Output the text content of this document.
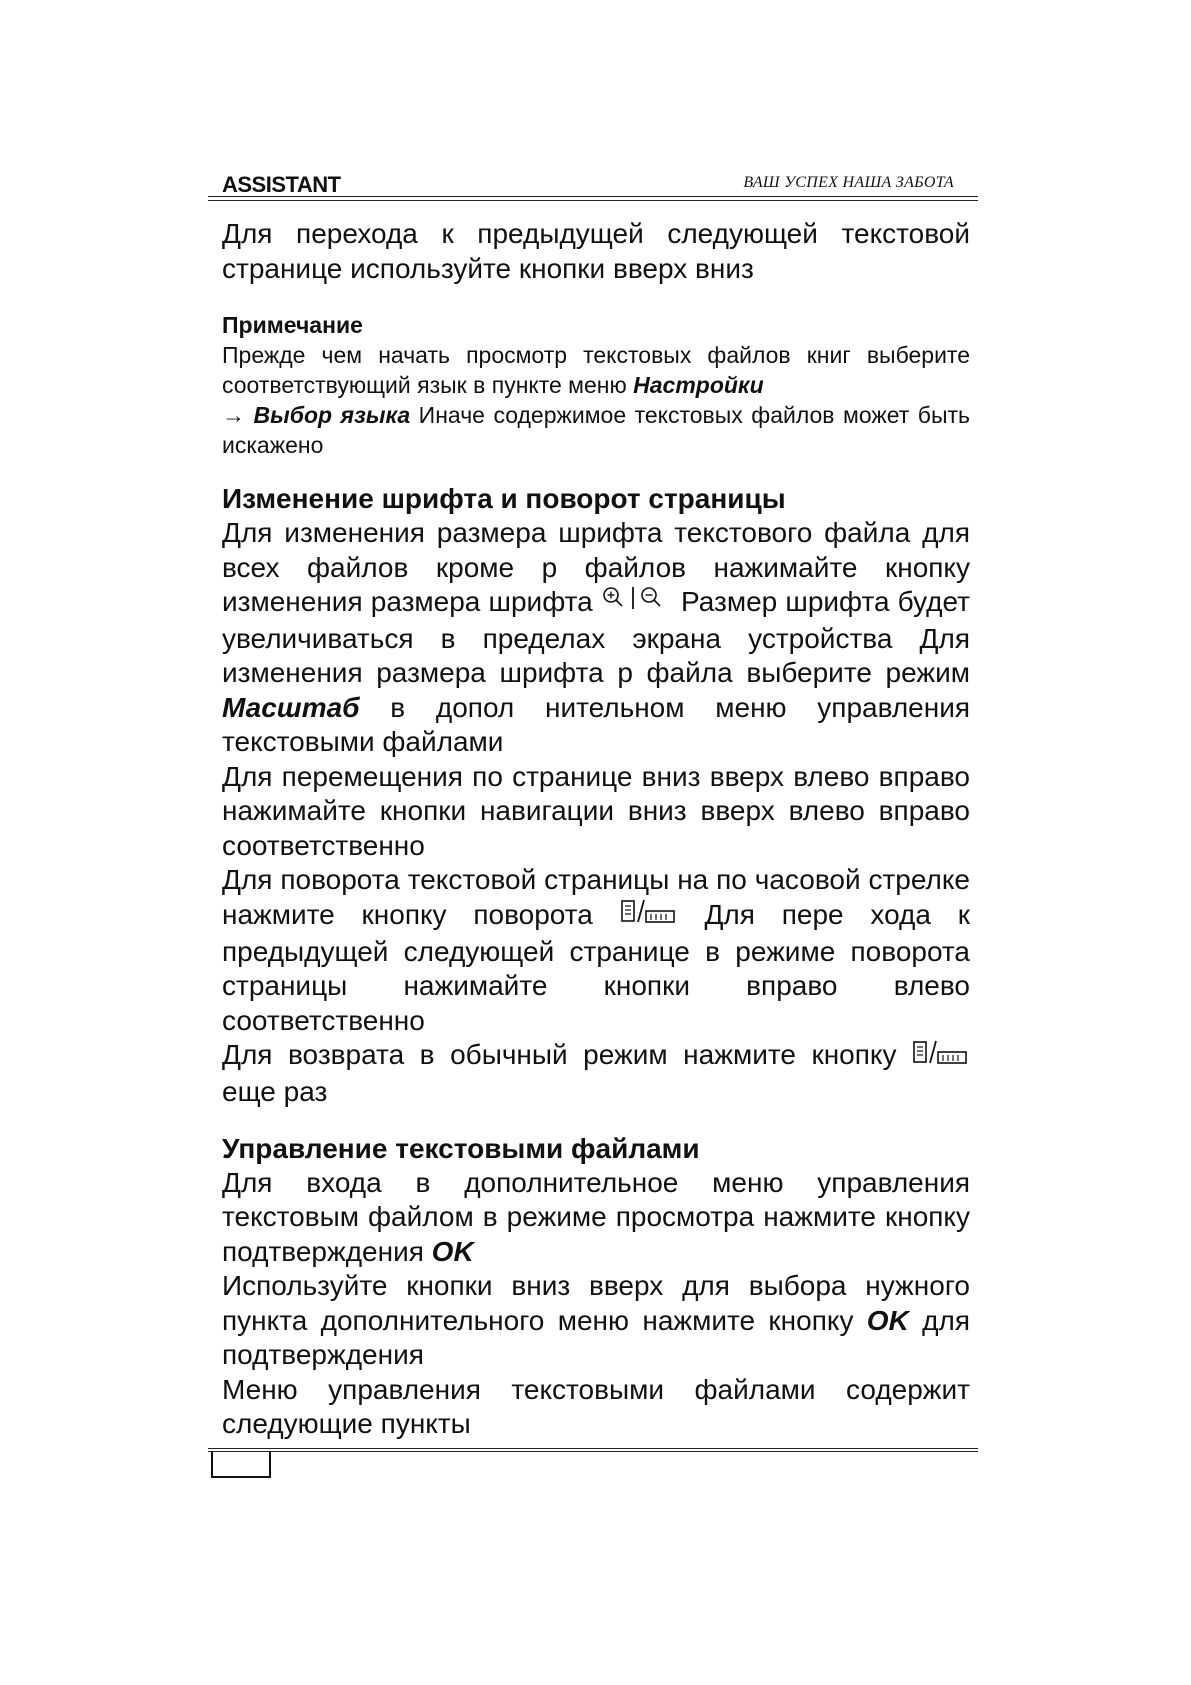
ASSISTANT	ВАШ УСПЕХ НАША ЗАБОТА

Для перехода к предыдущей следующей текстовой странице используйте кнопки вверх вниз

Примечание

Прежде чем начать просмотр текстовых файлов книг выберите соответствующий язык в пункте меню Настройки
→ Выбор языка Иначе содержимое текстовых файлов может быть искажено

Изменение шрифта и поворот страницы

Для изменения размера шрифта текстового файла для всех файлов кроме p файлов нажимайте кнопку изменения размера шрифта	Размер шрифта будет увеличиваться в пределах экрана устройства Для изменения размера шрифта p файла выберите режим Масштаб в допол нительном меню управления текстовыми файлами

Для перемещения по странице вниз вверх влево вправо нажимайте кнопки навигации вниз вверх влево вправо соответственно

Для поворота текстовой страницы на по часовой стрелке нажмите кнопку поворота  Для пере хода к предыдущей следующей странице в режиме поворота страницы нажимайте кнопки вправо влево соответственно

Для возврата в обычный режим нажмите кнопку  еще раз

Управление текстовыми файлами

Для входа в дополнительное меню управления текстовым файлом в режиме просмотра нажмите кнопку подтверждения OK

Используйте кнопки вниз вверх для выбора нужного пункта дополнительного меню нажмите кнопку OK для подтверждения

Меню управления текстовыми файлами содержит следующие пункты
